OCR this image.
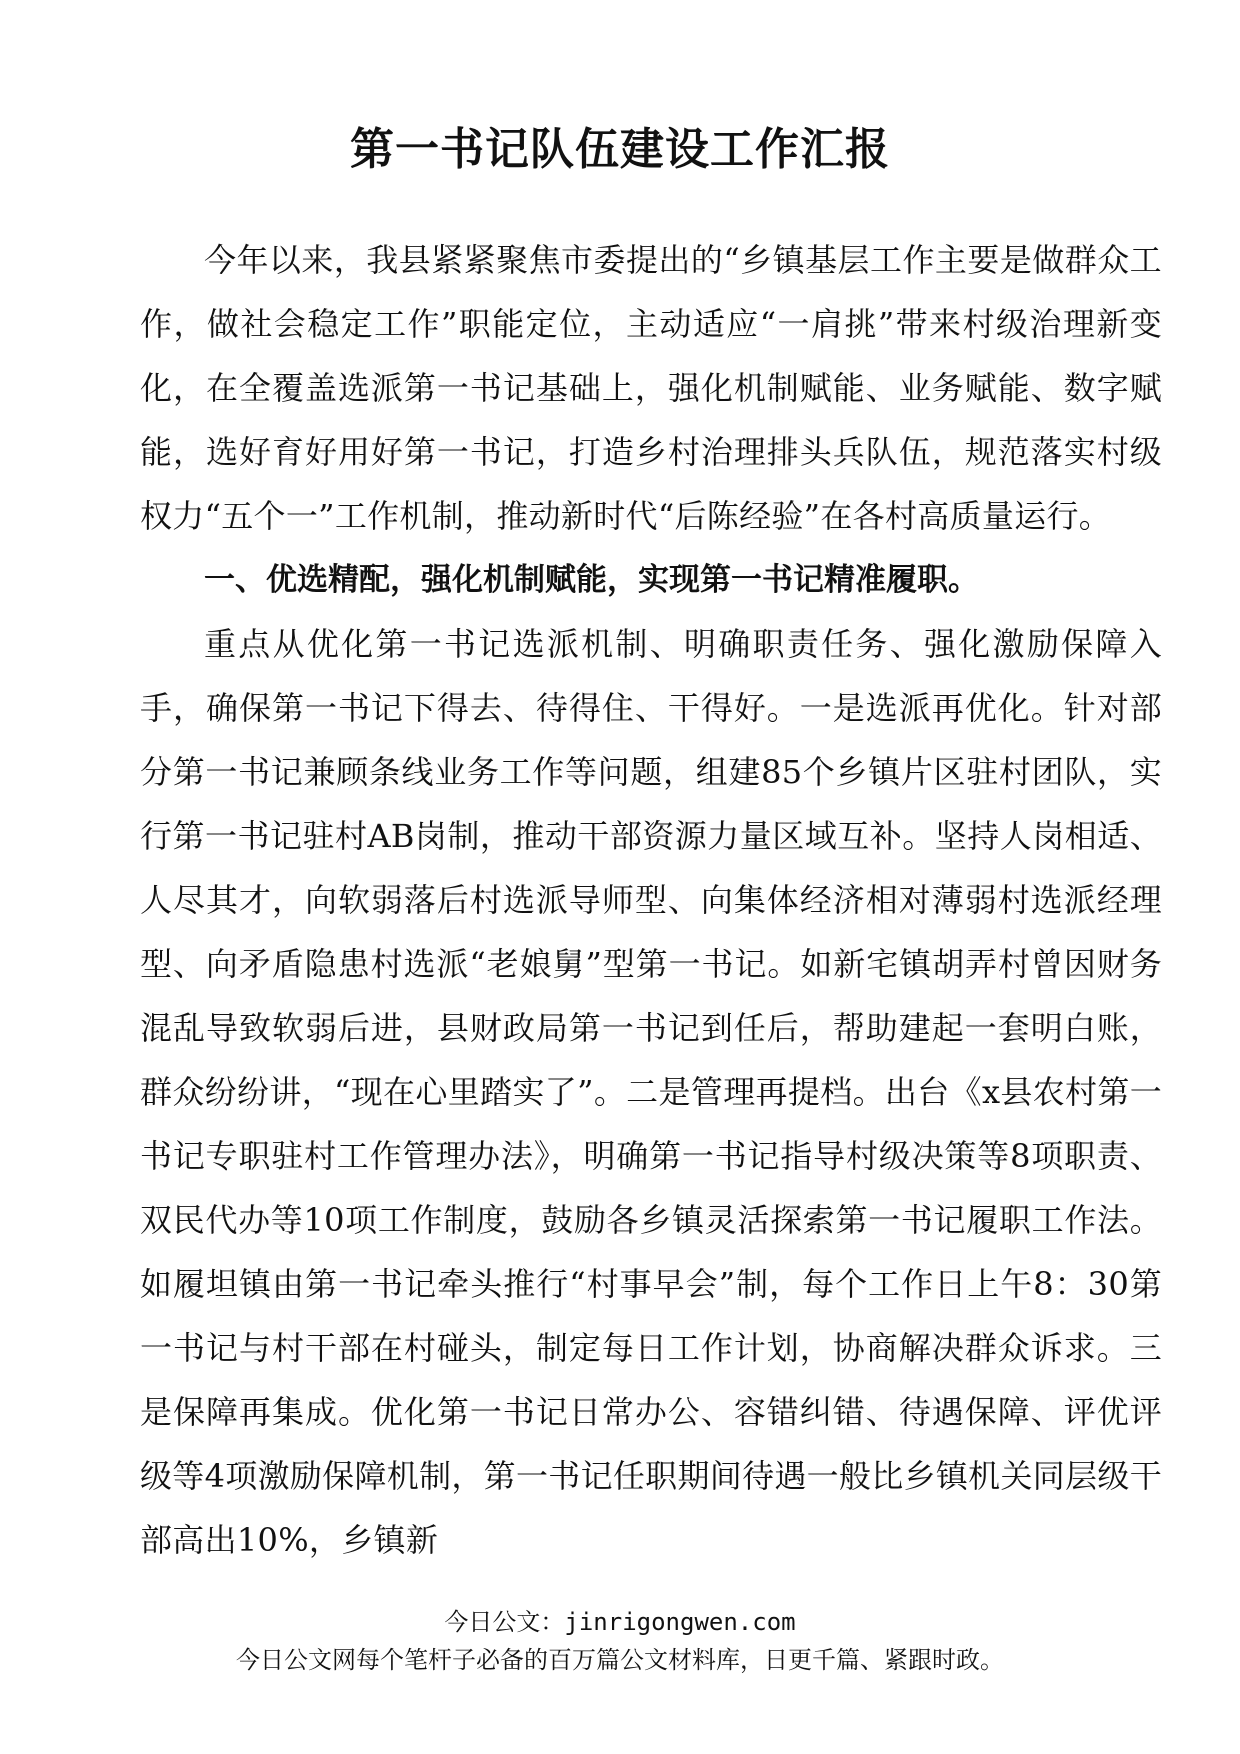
第一书记队伍建设工作汇报

今年以来，我县紧紧聚焦市委提出的“乡镇基层工作主要是做群众工作，做社会稳定工作”职能定位，主动适应“一肩挑”带来村级治理新变化，在全覆盖选派第一书记基础上，强化机制赋能、业务赋能、数字赋能，选好育好用好第一书记，打造乡村治理排头兵队伍，规范落实村级权力“五个一”工作机制，推动新时代“后陈经验”在各村高质量运行。

一、优选精配，强化机制赋能，实现第一书记精准履职。

重点从优化第一书记选派机制、明确职责任务、强化激励保障入手，确保第一书记下得去、待得住、干得好。一是选派再优化。针对部分第一书记兼顾条线业务工作等问题，组建85个乡镇片区驻村团队，实行第一书记驻村AB岗制，推动干部资源力量区域互补。坚持人岗相适、人尽其才，向软弱落后村选派导师型、向集体经济相对薄弱村选派经理型、向矛盾隐患村选派“老娘舅”型第一书记。如新宅镇胡弄村曾因财务混乱导致软弱后进，县财政局第一书记到任后，帮助建起一套明白账，群众纷纷讲，“现在心里踏实了”。二是管理再提档。出台《x县农村第一书记专职驻村工作管理办法》，明确第一书记指导村级决策等8项职责、双民代办等10项工作制度，鼓励各乡镇灵活探索第一书记履职工作法。如履坦镇由第一书记牵头推行“村事早会”制，每个工作日上午8：30第一书记与村干部在村碰头，制定每日工作计划，协商解决群众诉求。三是保障再集成。优化第一书记日常办公、容错纠错、待遇保障、评优评级等4项激励保障机制，第一书记任职期间待遇一般比乡镇机关同层级干部高出10%，乡镇新

今日公文：jinrigongwen.com
今日公文网每个笔杆子必备的百万篇公文材料库，日更千篇、紧跟时政。
